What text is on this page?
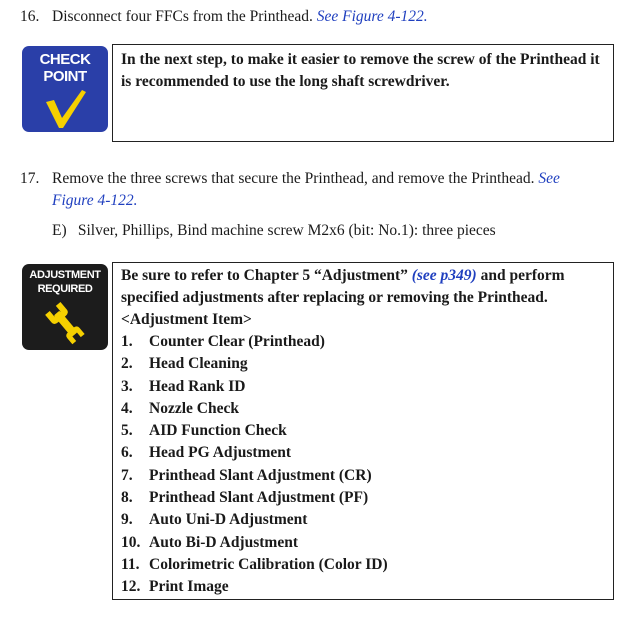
16. Disconnect four FFCs from the Printhead. See Figure 4-122.
CHECK
POINT
In the next step, to make it easier to remove the screw of the Printhead it is recommended to use the long shaft screwdriver.
17. Remove the three screws that secure the Printhead, and remove the Printhead. See
Figure 4-122.
E) Silver, Phillips, Bind machine screw M2x6 (bit: No.1): three pieces
ADJUSTMENT
REQUIRED
Be sure to refer to Chapter 5 “Adjustment” (see p349) and perform specified adjustments after replacing or removing the Printhead.
<Adjustment Item>
1. Counter Clear (Printhead)
2. Head Cleaning
3. Head Rank ID
4. Nozzle Check
5. AID Function Check
6. Head PG Adjustment
7. Printhead Slant Adjustment (CR)
8. Printhead Slant Adjustment (PF)
9. Auto Uni-D Adjustment
10. Auto Bi-D Adjustment
11. Colorimetric Calibration (Color ID)
12. Print Image
